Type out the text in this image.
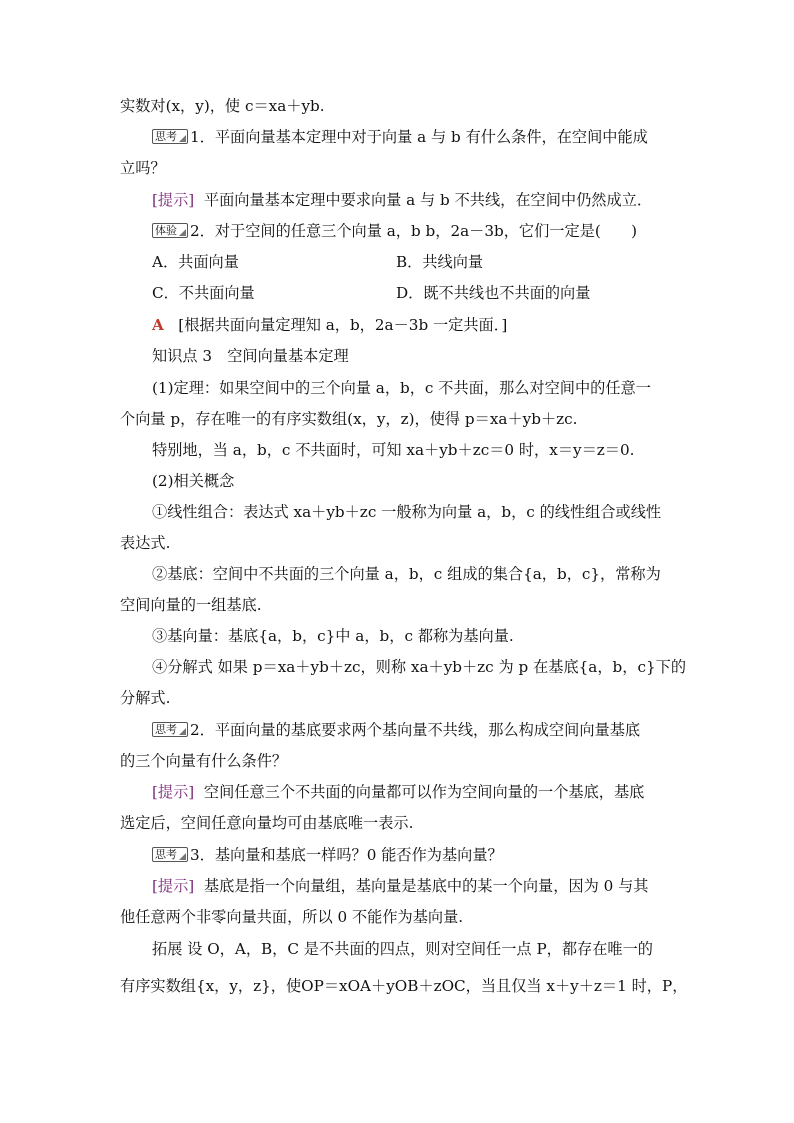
实数对(x，y)，使 c＝xa＋yb.
思考 1．平面向量基本定理中对于向量 a 与 b 有什么条件，在空间中能成
立吗？
[提示] 平面向量基本定理中要求向量 a 与 b 不共线，在空间中仍然成立．
体验 2．对于空间的任意三个向量 a，b b，2a－3b，它们一定是(　　)
A．共面向量	B．共线向量
C．不共面向量	D．既不共线也不共面的向量
A [根据共面向量定理知 a，b，2a－3b 一定共面．]
知识点 3　空间向量基本定理
(1)定理：如果空间中的三个向量 a，b，c 不共面，那么对空间中的任意一
个向量 p，存在唯一的有序实数组(x，y，z)，使得 p＝xa＋yb＋zc.
特别地，当 a，b，c 不共面时，可知 xa＋yb＋zc＝0 时，x＝y＝z＝0.
(2)相关概念
①线性组合：表达式 xa＋yb＋zc 一般称为向量 a，b，c 的线性组合或线性
表达式.
②基底：空间中不共面的三个向量 a，b，c 组成的集合{a，b，c}，常称为
空间向量的一组基底.
③基向量：基底{a，b，c}中 a，b，c 都称为基向量.
④分解式 如果 p＝xa＋yb＋zc，则称 xa＋yb＋zc 为 p 在基底{a，b，c}下的
分解式.
思考 2．平面向量的基底要求两个基向量不共线，那么构成空间向量基底
的三个向量有什么条件？
[提示] 空间任意三个不共面的向量都可以作为空间向量的一个基底，基底
选定后，空间任意向量均可由基底唯一表示.
思考 3．基向量和基底一样吗？0 能否作为基向量？
[提示] 基底是指一个向量组，基向量是基底中的某一个向量，因为 0 与其
他任意两个非零向量共面，所以 0 不能作为基向量.
拓展 设 O，A，B，C 是不共面的四点，则对空间任一点 P，都存在唯一的
有序实数组{x，y，z}，使OP＝xOA＋yOB＋zOC，当且仅当 x＋y＋z＝1 时，P，
